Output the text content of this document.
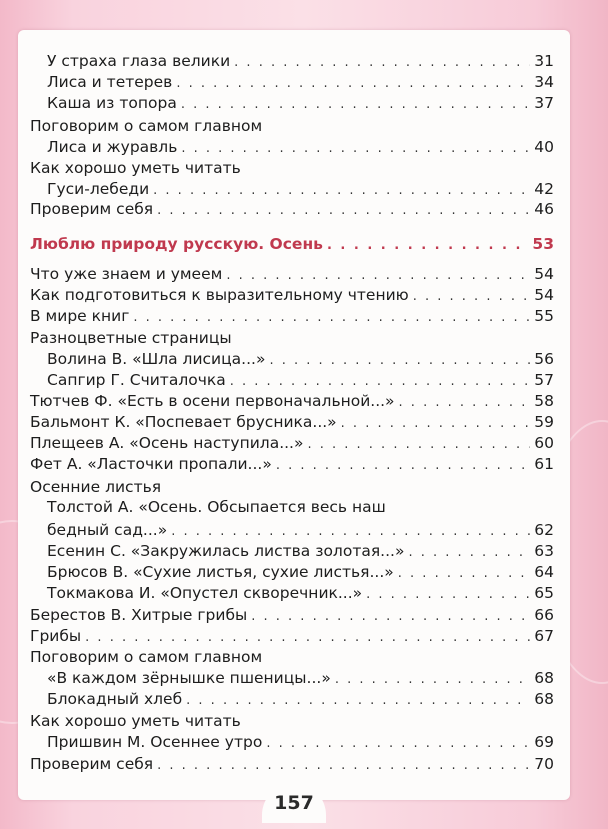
У страха глаза велики . . .	31
Лиса и тетерев . . .	34
Каша из топора . . .	37
Поговорим о самом главном
Лиса и журавль . . .	40
Как хорошо уметь читать
Гуси-лебеди . . .	42
Проверим себя . . .	46
Люблю природу русскую. Осень . . .	53
Что уже знаем и умеем . . .	54
Как подготовиться к выразительному чтению . . .	54
В мире книг . . .	55
Разноцветные страницы
Волина В. «Шла лисица...» . . .	56
Сапгир Г. Считалочка . . .	57
Тютчев Ф. «Есть в осени первоначальной...» . . .	58
Бальмонт К. «Поспевает брусника...» . . .	59
Плещеев А. «Осень наступила...» . . .	60
Фет А. «Ласточки пропали...» . . .	61
Осенние листья
Толстой А. «Осень. Обсыпается весь наш
бедный сад...» . . .	62
Есенин С. «Закружилась листва золотая...» . . .	63
Брюсов В. «Сухие листья, сухие листья...» . . .	64
Токмакова И. «Опустел скворечник...» . . .	65
Берестов В. Хитрые грибы . . .	66
Грибы . . .	67
Поговорим о самом главном
«В каждом зёрнышке пшеницы...» . . .	68
Блокадный хлеб . . .	68
Как хорошо уметь читать
Пришвин М. Осеннее утро . . .	69
Проверим себя . . .	70
157
